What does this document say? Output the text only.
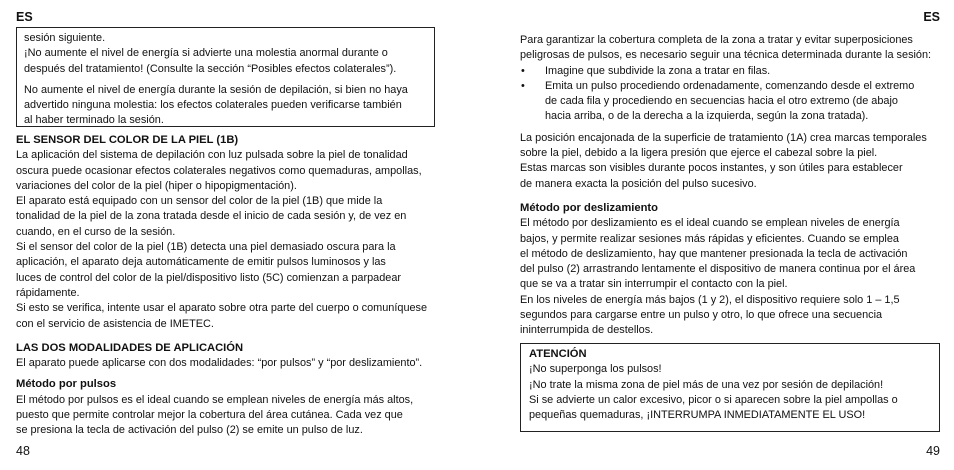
ES
sesión siguiente.
¡No aumente el nivel de energía si advierte una molestia anormal durante o
después del tratamiento! (Consulte la sección “Posibles efectos colaterales”).
No aumente el nivel de energía durante la sesión de depilación, si bien no haya
advertido ninguna molestia: los efectos colaterales pueden verificarse también
al haber terminado la sesión.
EL SENSOR DEL COLOR DE LA PIEL (1B)
La aplicación del sistema de depilación con luz pulsada sobre la piel de tonalidad
oscura puede ocasionar efectos colaterales negativos como quemaduras, ampollas,
variaciones del color de la piel (hiper o hipopigmentación).
El aparato está equipado con un sensor del color de la piel (1B) que mide la
tonalidad de la piel de la zona tratada desde el inicio de cada sesión y, de vez en
cuando, en el curso de la sesión.
Si el sensor del color de la piel (1B) detecta una piel demasiado oscura para la
aplicación, el aparato deja automáticamente de emitir pulsos luminosos y las
luces de control del color de la piel/dispositivo listo (5C) comienzan a parpadear
rápidamente.
Si esto se verifica, intente usar el aparato sobre otra parte del cuerpo o comuníquese
con el servicio de asistencia de IMETEC.
LAS DOS MODALIDADES DE APLICACIÓN
El aparato puede aplicarse con dos modalidades: “por pulsos” y “por deslizamiento”.
Método por pulsos
El método por pulsos es el ideal cuando se emplean niveles de energía más altos,
puesto que permite controlar mejor la cobertura del área cutánea. Cada vez que
se presiona la tecla de activación del pulso (2) se emite un pulso de luz.
48
ES
Para garantizar la cobertura completa de la zona a tratar y evitar superposiciones
peligrosas de pulsos, es necesario seguir una técnica determinada durante la sesión:
• Imagine que subdivide la zona a tratar en filas.
• Emita un pulso procediendo ordenadamente, comenzando desde el extremo
de cada fila y procediendo en secuencias hacia el otro extremo (de abajo
hacia arriba, o de la derecha a la izquierda, según la zona tratada).
La posición encajonada de la superficie de tratamiento (1A) crea marcas temporales
sobre la piel, debido a la ligera presión que ejerce el cabezal sobre la piel.
Estas marcas son visibles durante pocos instantes, y son útiles para establecer
de manera exacta la posición del pulso sucesivo.
Método por deslizamiento
El método por deslizamiento es el ideal cuando se emplean niveles de energía
bajos, y permite realizar sesiones más rápidas y eficientes. Cuando se emplea
el método de deslizamiento, hay que mantener presionada la tecla de activación
del pulso (2) arrastrando lentamente el dispositivo de manera continua por el área
que se va a tratar sin interrumpir el contacto con la piel.
En los niveles de energía más bajos (1 y 2), el dispositivo requiere solo 1 – 1,5
segundos para cargarse entre un pulso y otro, lo que ofrece una secuencia
ininterrumpida de destellos.
ATENCIÓN
¡No superponga los pulsos!
¡No trate la misma zona de piel más de una vez por sesión de depilación!
Si se advierte un calor excesivo, picor o si aparecen sobre la piel ampollas o
pequeñas quemaduras, ¡INTERRUMPA INMEDIATAMENTE EL USO!
49
